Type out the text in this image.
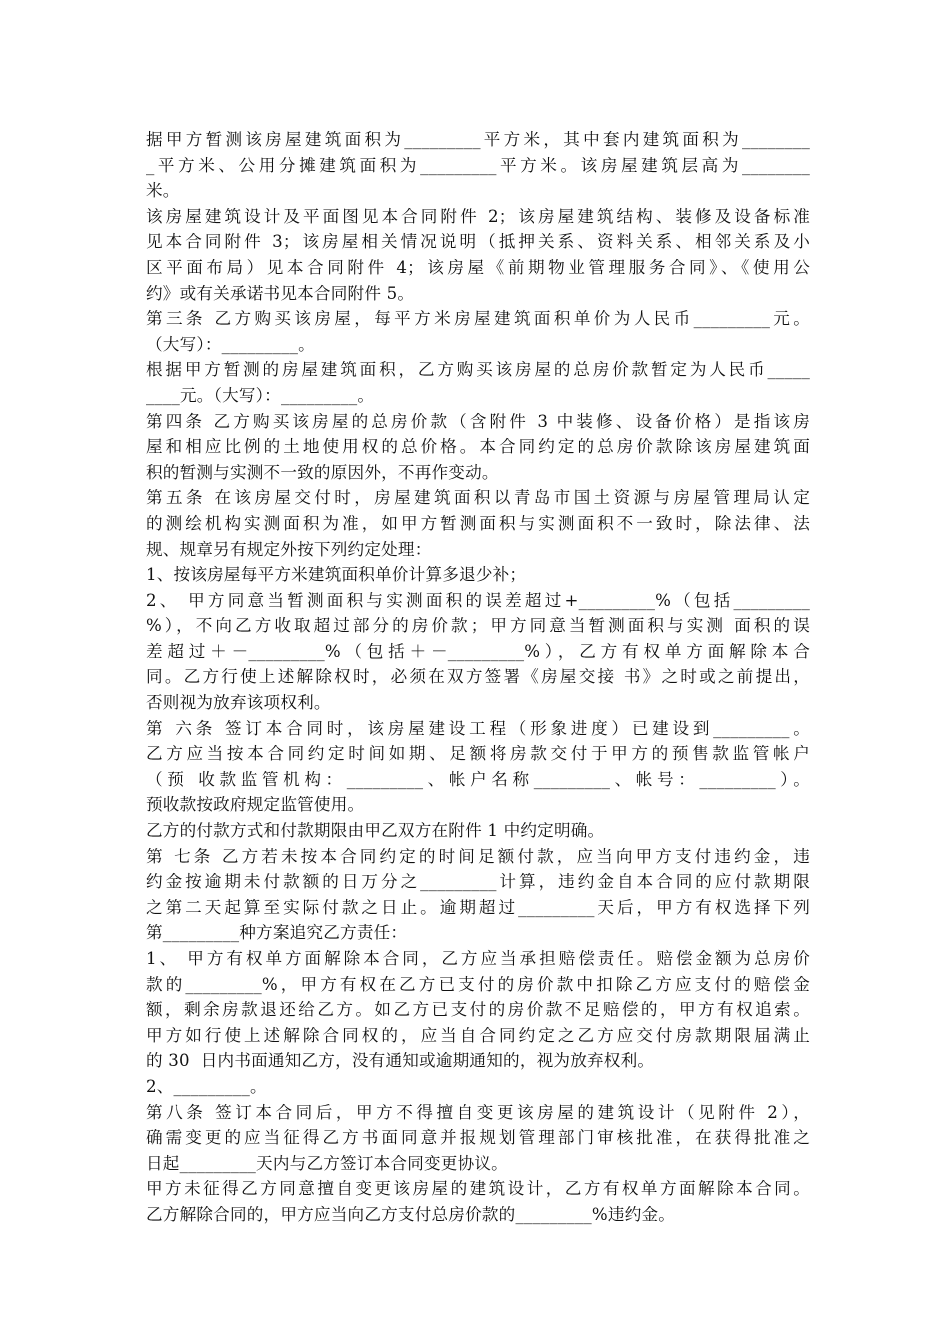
据甲方暂测该房屋建筑面积为_________平方米，其中套内建筑面积为________
_平方米、公用分摊建筑面积为_________平方米。该房屋建筑层高为________
米。
该房屋建筑设计及平面图见本合同附件 2；该房屋建筑结构、装修及设备标准
见本合同附件 3；该房屋相关情况说明（抵押关系、资料关系、相邻关系及小
区平面布局）见本合同附件 4；该房屋《前期物业管理服务合同》、《使用公
约》或有关承诺书见本合同附件 5。
第三条 乙方购买该房屋，每平方米房屋建筑面积单价为人民币_________元。
（大写）：_________。
根据甲方暂测的房屋建筑面积，乙方购买该房屋的总房价款暂定为人民币_____
____元。（大写）：_________。
第四条 乙方购买该房屋的总房价款（含附件 3 中装修、设备价格）是指该房
屋和相应比例的土地使用权的总价格。本合同约定的总房价款除该房屋建筑面
积的暂测与实测不一致的原因外，不再作变动。
第五条 在该房屋交付时，房屋建筑面积以青岛市国土资源与房屋管理局认定
的测绘机构实测面积为准，如甲方暂测面积与实测面积不一致时，除法律、法
规、规章另有规定外按下列约定处理：
1、按该房屋每平方米建筑面积单价计算多退少补；
2、 甲方同意当暂测面积与实测面积的误差超过+_________%（包括_________
%），不向乙方收取超过部分的房价款；甲方同意当暂测面积与实测 面积的误
差超过＋－_________%（包括＋－_________%），乙方有权单方面解除本合
同。乙方行使上述解除权时，必须在双方签署《房屋交接 书》之时或之前提出，
否则视为放弃该项权利。
第 六条 签订本合同时，该房屋建设工程（形象进度）已建设到_________。
乙方应当按本合同约定时间如期、足额将房款交付于甲方的预售款监管帐户
（预 收款监管机构：_________、帐户名称_________、帐号：_________）。
预收款按政府规定监管使用。
乙方的付款方式和付款期限由甲乙双方在附件 1 中约定明确。
第 七条 乙方若未按本合同约定的时间足额付款，应当向甲方支付违约金，违
约金按逾期未付款额的日万分之_________计算，违约金自本合同的应付款期限
之第二天起算至实际付款之日止。逾期超过_________天后，甲方有权选择下列
第_________种方案追究乙方责任：
1、 甲方有权单方面解除本合同，乙方应当承担赔偿责任。赔偿金额为总房价
款的_________%，甲方有权在乙方已支付的房价款中扣除乙方应支付的赔偿金
额，剩余房款退还给乙方。如乙方已支付的房价款不足赔偿的，甲方有权追索。
甲方如行使上述解除合同权的，应当自合同约定之乙方应交付房款期限届满止
的 30  日内书面通知乙方，没有通知或逾期通知的，视为放弃权利。
2、_________。
第八条 签订本合同后，甲方不得擅自变更该房屋的建筑设计（见附件 2），
确需变更的应当征得乙方书面同意并报规划管理部门审核批准，在获得批准之
日起_________天内与乙方签订本合同变更协议。
甲方未征得乙方同意擅自变更该房屋的建筑设计，乙方有权单方面解除本合同。
乙方解除合同的，甲方应当向乙方支付总房价款的_________%违约金。
